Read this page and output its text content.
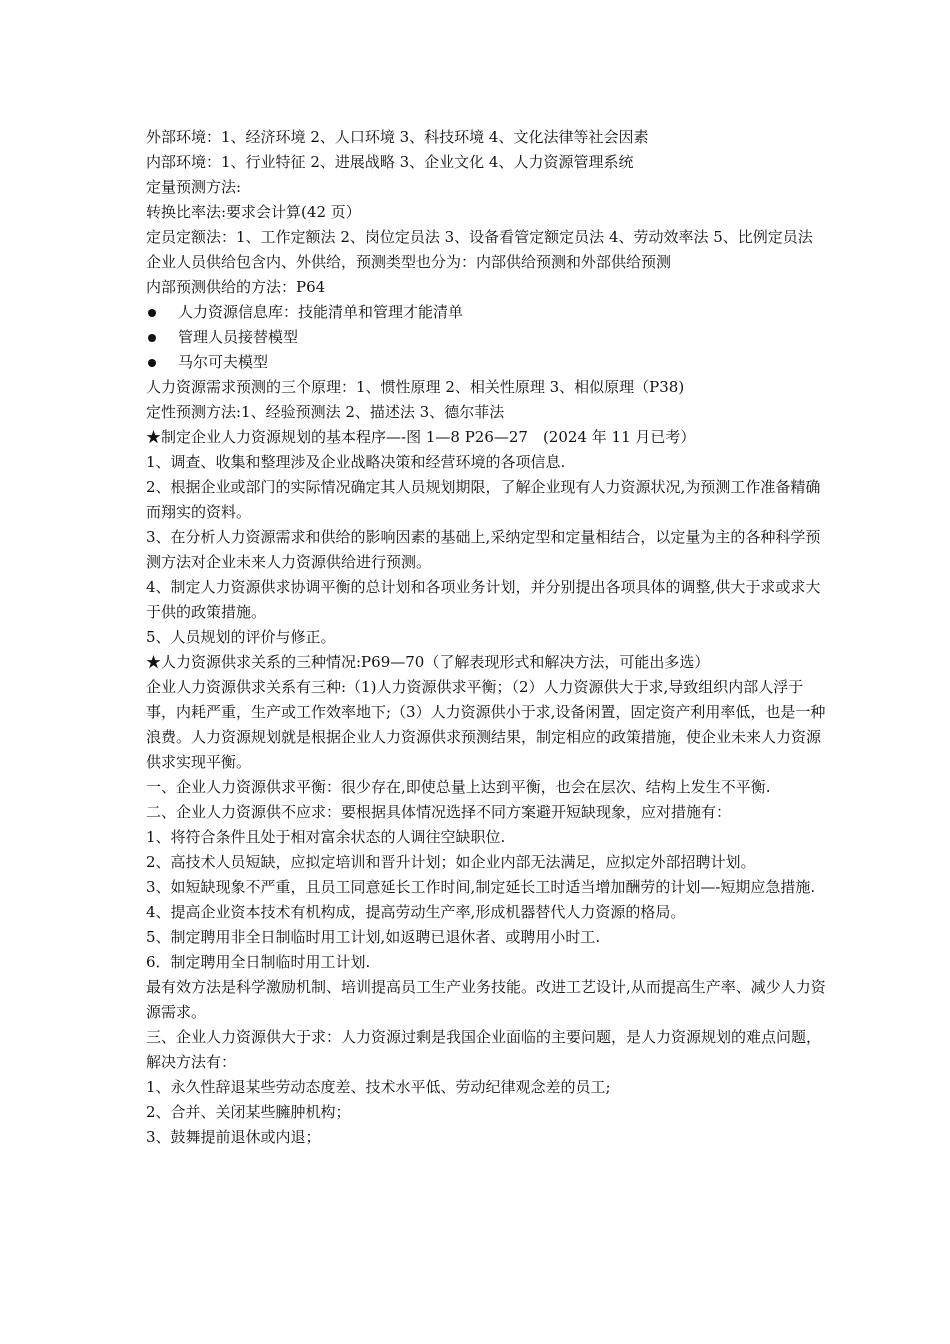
外部环境：1、经济环境 2、人口环境 3、科技环境 4、文化法律等社会因素

内部环境：1、行业特征 2、进展战略 3、企业文化 4、人力资源管理系统

定量预测方法:

转换比率法:要求会计算(42 页）

定员定额法：1、工作定额法 2、岗位定员法 3、设备看管定额定员法 4、劳动效率法 5、比例定员法

企业人员供给包含内、外供给，预测类型也分为：内部供给预测和外部供给预测

内部预测供给的方法：P64

人力资源信息库：技能清单和管理才能清单
管理人员接替模型
马尔可夫模型

人力资源需求预测的三个原理：1、惯性原理 2、相关性原理 3、相似原理（P38)

定性预测方法:1、经验预测法 2、描述法 3、德尔菲法

★制定企业人力资源规划的基本程序—-图 1—8 P26—27　(2024 年 11 月已考）

1、调查、收集和整理涉及企业战略决策和经营环境的各项信息.

2、根据企业或部门的实际情况确定其人员规划期限，了解企业现有人力资源状况,为预测工作准备精确而翔实的资料。

3、在分析人力资源需求和供给的影响因素的基础上,采纳定型和定量相结合，以定量为主的各种科学预测方法对企业未来人力资源供给进行预测。

4、制定人力资源供求协调平衡的总计划和各项业务计划，并分别提出各项具体的调整,供大于求或求大于供的政策措施。

5、人员规划的评价与修正。

★人力资源供求关系的三种情况:P69—70（了解表现形式和解决方法，可能出多选）

企业人力资源供求关系有三种:（1)人力资源供求平衡；（2）人力资源供大于求,导致组织内部人浮于事，内耗严重，生产或工作效率地下;（3）人力资源供小于求,设备闲置，固定资产利用率低，也是一种浪费。人力资源规划就是根据企业人力资源供求预测结果，制定相应的政策措施，使企业未来人力资源供求实现平衡。

一、企业人力资源供求平衡：很少存在,即使总量上达到平衡，也会在层次、结构上发生不平衡.

二、企业人力资源供不应求：要根据具体情况选择不同方案避开短缺现象，应对措施有：

1、将符合条件且处于相对富余状态的人调往空缺职位.

2、高技术人员短缺，应拟定培训和晋升计划；如企业内部无法满足，应拟定外部招聘计划。

3、如短缺现象不严重，且员工同意延长工作时间,制定延长工时适当增加酬劳的计划—-短期应急措施.

4、提高企业资本技术有机构成，提高劳动生产率,形成机器替代人力资源的格局。

5、制定聘用非全日制临时用工计划,如返聘已退休者、或聘用小时工.

6．制定聘用全日制临时用工计划.

最有效方法是科学激励机制、培训提高员工生产业务技能。改进工艺设计,从而提高生产率、减少人力资源需求。

三、企业人力资源供大于求：人力资源过剩是我国企业面临的主要问题，是人力资源规划的难点问题，解决方法有：

1、永久性辞退某些劳动态度差、技术水平低、劳动纪律观念差的员工;

2、合并、关闭某些臃肿机构；

3、鼓舞提前退休或内退；
